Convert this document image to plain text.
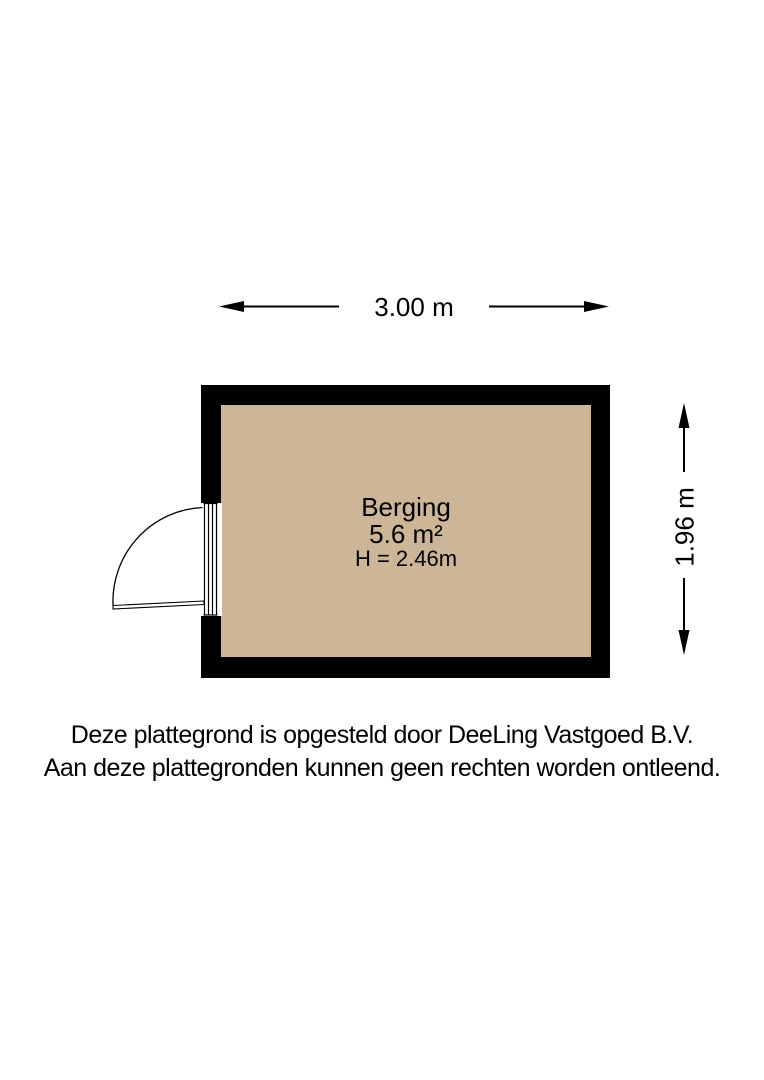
3.00 m
1.96 m
Berging
5.6 m²
H = 2.46m
Deze plattegrond is opgesteld door DeeLing Vastgoed B.V.
Aan deze plattegronden kunnen geen rechten worden ontleend.
